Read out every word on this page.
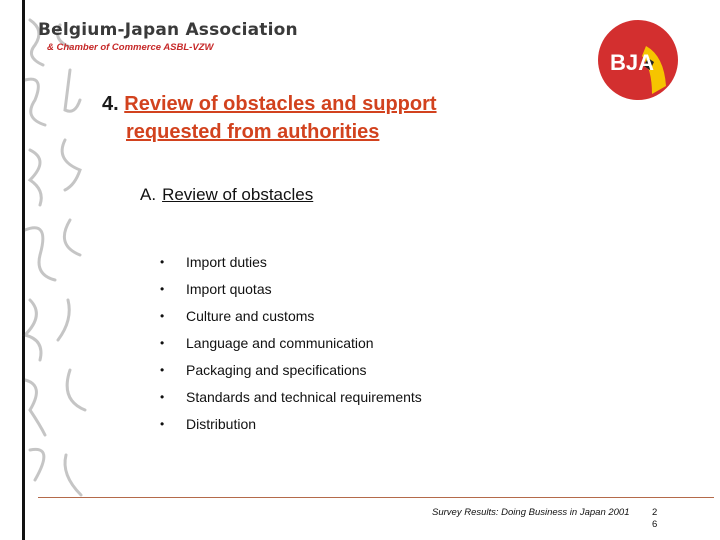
Belgium-Japan Association
& Chamber of Commerce ASBL-VZW
BJA
4. Review of obstacles and support
requested from authorities
A. Review of obstacles
•	Import duties
•	Import quotas
•	Culture and customs
•	Language and communication
•	Packaging and specifications
•	Standards and technical requirements
•	Distribution
Survey Results: Doing Business in Japan 2001 2
6
